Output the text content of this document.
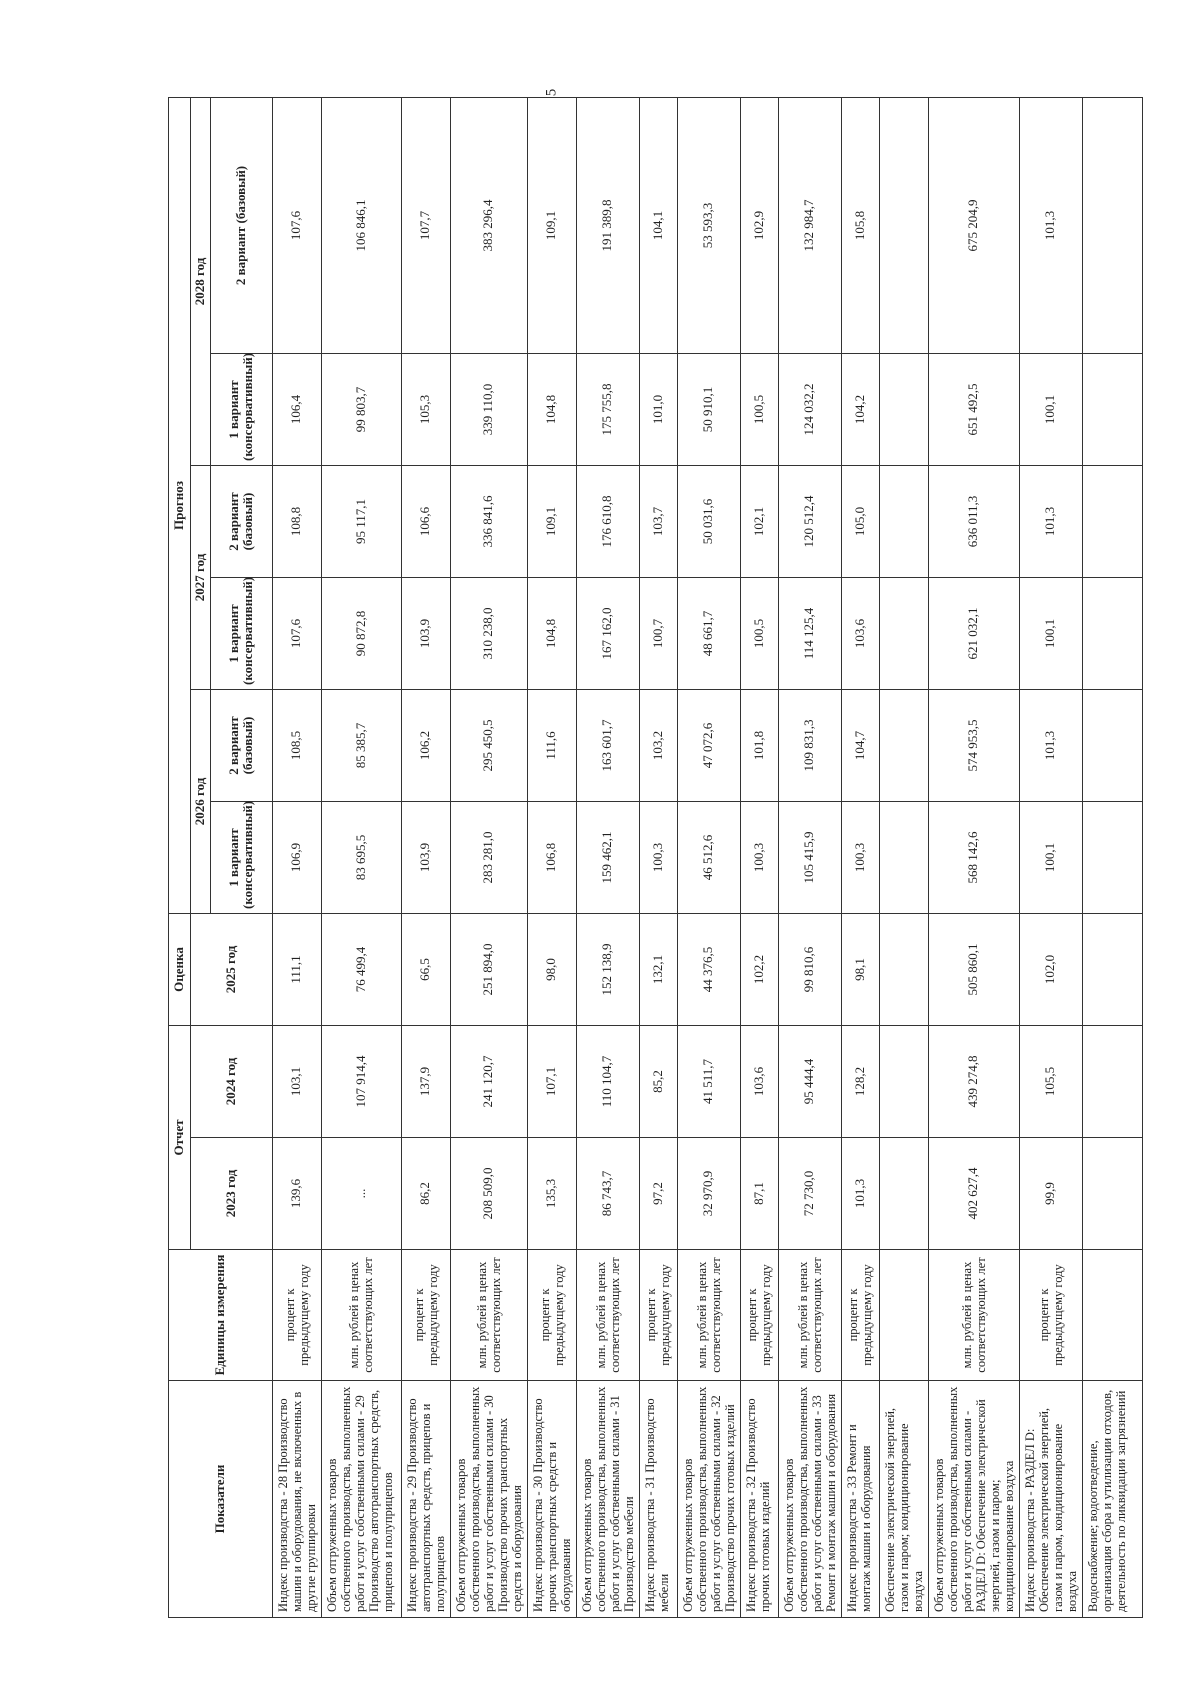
5
Показатели	Единицы измерения	Отчет		Оценка	Прогноз					
		2023 год	2024 год	2025 год	2026 год		2027 год		2028 год	
					1 вариант (консервативный)	2 вариант (базовый)	1 вариант (консервативный)	2 вариант (базовый)	1 вариант (консервативный)	2 вариант (базовый)
Индекс производства - 28 Производство машин и оборудования, не включенных в другие группировки	процент к предыдущему году	139,6	103,1	111,1	106,9	108,5	107,6	108,8	106,4	107,6
Объем отгруженных товаров собственного производства, выполненных работ и услуг собственными силами - 29 Производство автотранспортных средств, прицепов и полуприцепов	млн. рублей в ценах соответствующих лет	...	107 914,4	76 499,4	83 695,5	85 385,7	90 872,8	95 117,1	99 803,7	106 846,1
Индекс производства - 29 Производство автотранспортных средств, прицепов и полуприцепов	процент к предыдущему году	86,2	137,9	66,5	103,9	106,2	103,9	106,6	105,3	107,7
Объем отгруженных товаров собственного производства, выполненных работ и услуг собственными силами - 30 Производство прочих транспортных средств и оборудования	млн. рублей в ценах соответствующих лет	208 509,0	241 120,7	251 894,0	283 281,0	295 450,5	310 238,0	336 841,6	339 110,0	383 296,4
Индекс производства - 30 Производство прочих транспортных средств и оборудования	процент к предыдущему году	135,3	107,1	98,0	106,8	111,6	104,8	109,1	104,8	109,1
Объем отгруженных товаров собственного производства, выполненных работ и услуг собственными силами - 31 Производство мебели	млн. рублей в ценах соответствующих лет	86 743,7	110 104,7	152 138,9	159 462,1	163 601,7	167 162,0	176 610,8	175 755,8	191 389,8
Индекс производства - 31 Производство мебели	процент к предыдущему году	97,2	85,2	132,1	100,3	103,2	100,7	103,7	101,0	104,1
Объем отгруженных товаров собственного производства, выполненных работ и услуг собственными силами - 32 Производство прочих готовых изделий	млн. рублей в ценах соответствующих лет	32 970,9	41 511,7	44 376,5	46 512,6	47 072,6	48 661,7	50 031,6	50 910,1	53 593,3
Индекс производства - 32 Производство прочих готовых изделий	процент к предыдущему году	87,1	103,6	102,2	100,3	101,8	100,5	102,1	100,5	102,9
Объем отгруженных товаров собственного производства, выполненных работ и услуг собственными силами - 33 Ремонт и монтаж машин и оборудования	млн. рублей в ценах соответствующих лет	72 730,0	95 444,4	99 810,6	105 415,9	109 831,3	114 125,4	120 512,4	124 032,2	132 984,7
Индекс производства - 33 Ремонт и монтаж машин и оборудования	процент к предыдущему году	101,3	128,2	98,1	100,3	104,7	103,6	105,0	104,2	105,8
Обеспечение электрической энергией, газом и паром; кондиционирование воздуха										
Объем отгруженных товаров собственного производства, выполненных работ и услуг собственными силами - РАЗДЕЛ D: Обеспечение электрической энергией, газом и паром; кондиционирование воздуха	млн. рублей в ценах соответствующих лет	402 627,4	439 274,8	505 860,1	568 142,6	574 953,5	621 032,1	636 011,3	651 492,5	675 204,9
Индекс производства - РАЗДЕЛ D: Обеспечение электрической энергией, газом и паром, кондиционирование воздуха	процент к предыдущему году	99,9	105,5	102,0	100,1	101,3	100,1	101,3	100,1	101,3
Водоснабжение; водоотведение, организация сбора и утилизации отходов, деятельность по ликвидации загрязнений										
